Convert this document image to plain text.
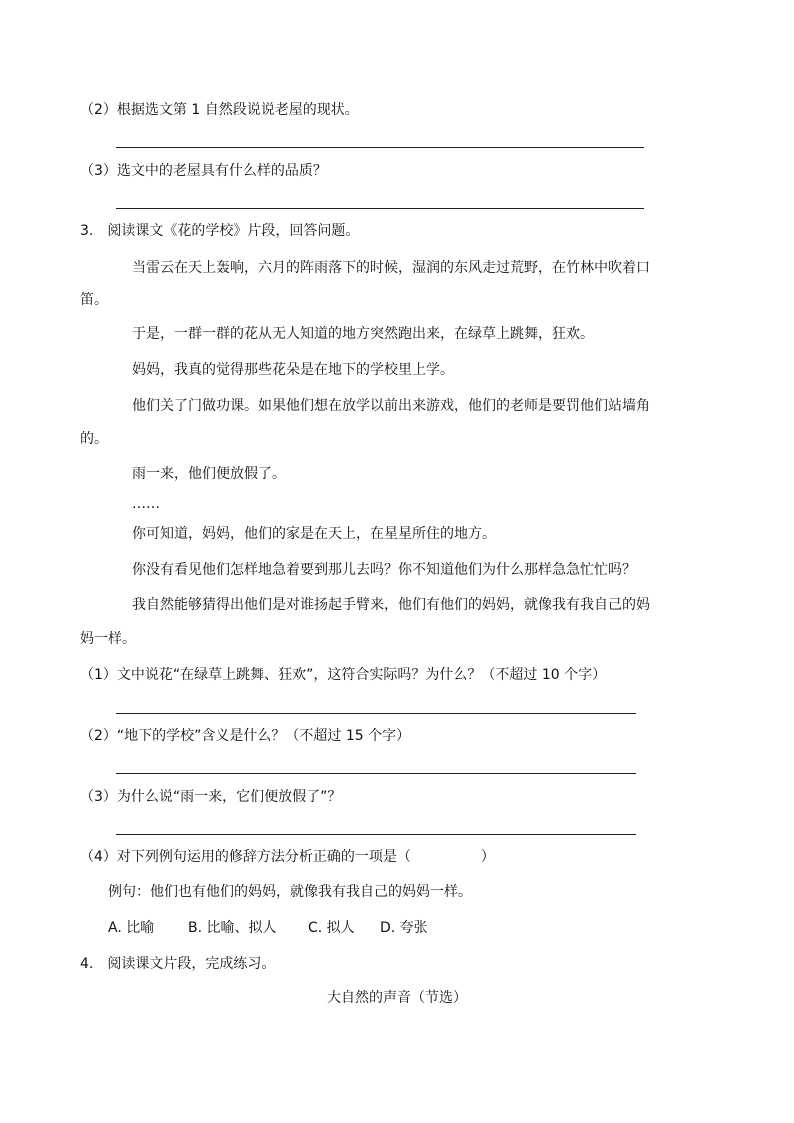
（2）根据选文第 1 自然段说说老屋的现状。
（3）选文中的老屋具有什么样的品质？
3.　阅读课文《花的学校》片段，回答问题。
当雷云在天上轰响，六月的阵雨落下的时候，湿润的东风走过荒野，在竹林中吹着口
笛。
于是，一群一群的花从无人知道的地方突然跑出来，在绿草上跳舞，狂欢。
妈妈，我真的觉得那些花朵是在地下的学校里上学。
他们关了门做功课。如果他们想在放学以前出来游戏，他们的老师是要罚他们站墙角
的。
雨一来，他们便放假了。
……
你可知道，妈妈，他们的家是在天上，在星星所住的地方。
你没有看见他们怎样地急着要到那儿去吗？你不知道他们为什么那样急急忙忙吗？
我自然能够猜得出他们是对谁扬起手臂来，他们有他们的妈妈，就像我有我自己的妈
妈一样。
（1）文中说花“在绿草上跳舞、狂欢”，这符合实际吗？为什么？（不超过 10 个字）
（2）“地下的学校”含义是什么？（不超过 15 个字）
（3）为什么说“雨一来，它们便放假了”？
（4）对下列例句运用的修辞方法分析正确的一项是（	）
例句：他们也有他们的妈妈，就像我有我自己的妈妈一样。
A. 比喻 B. 比喻、拟人 C. 拟人 D. 夸张
4.　阅读课文片段，完成练习。
大自然的声音（节选）
